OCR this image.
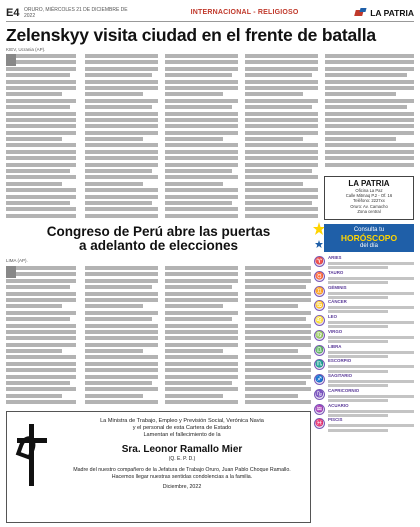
E4 ORURO, MIÉRCOLES 21 DE DICIEMBRE DE 2022	INTERNACIONAL - RELIGIOSO	LA PATRIA
Zelenskyy visita ciudad en el frente de batalla
KIEV, Ucrania (AP).
LA PATRIA
Oficina La Paz
Calle Mitmaq P.2 - Of. 16
Teléfono: 2227xx
Oruro: Av. Camacho
Zona central
Congreso de Perú abre las puertas
a adelanto de elecciones
LIMA (AP).
Consulta tu
HORÓSCOPO
del día
♈ ARIES
♉ TAURO
♊ GÉMINIS
♋ CÁNCER
♌ LEO
♍ VIRGO
♎ LIBRA
♏ ESCORPIO
♐ SAGITARIO
♑ CAPRICORNIO
♒ ACUARIO
♓ PISCIS
La Ministra de Trabajo, Empleo y Previsión Social, Verónica Navia
y el personal de esta Cartera de Estado
Lamentan el fallecimiento de la
Sra. Leonor Ramallo Mier
(Q. E. P. D.)
Madre del nuestro compañero de la Jefatura de Trabajo Oruro, Juan Pablo Choque Ramallo.
Hacemos llegar nuestras sentidas condolencias a la familia.
Diciembre, 2022
